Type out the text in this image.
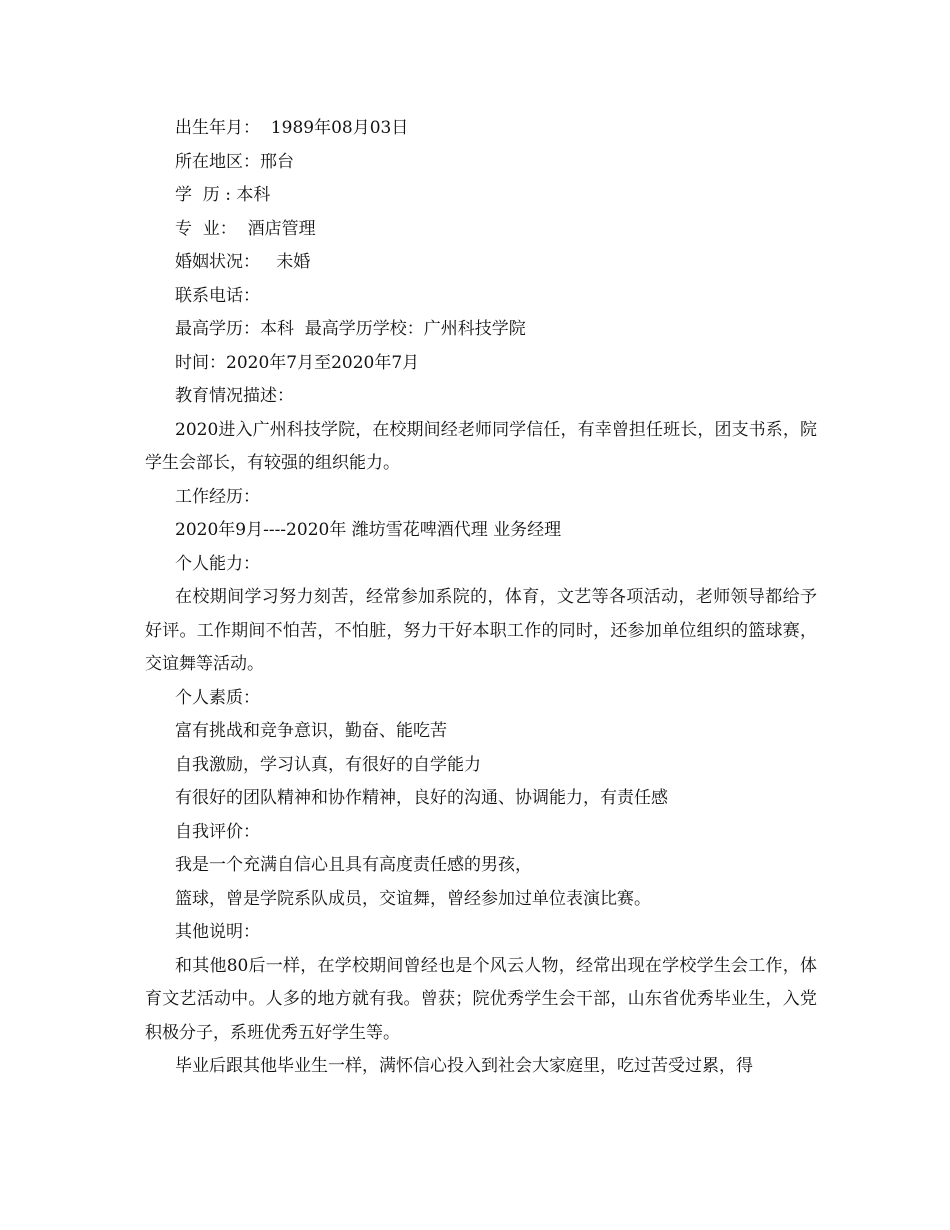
出生年月：  1989年08月03日
所在地区：邢台
学  历 : 本科
专  业：  酒店管理
婚姻状况：   未婚
联系电话：
最高学历：本科  最高学历学校：广州科技学院
时间：2020年7月至2020年7月
教育情况描述：

2020进入广州科技学院，在校期间经老师同学信任，有幸曾担任班长，团支书系，院学生会部长，有较强的组织能力。

工作经历：
2020年9月----2020年 潍坊雪花啤酒代理 业务经理
个人能力：

在校期间学习努力刻苦，经常参加系院的，体育，文艺等各项活动，老师领导都给予好评。工作期间不怕苦，不怕脏，努力干好本职工作的同时，还参加单位组织的篮球赛，交谊舞等活动。

个人素质：
富有挑战和竞争意识，勤奋、能吃苦
自我激励，学习认真，有很好的自学能力
有很好的团队精神和协作精神，良好的沟通、协调能力，有责任感
自我评价：
我是一个充满自信心且具有高度责任感的男孩，
篮球，曾是学院系队成员，交谊舞，曾经参加过单位表演比赛。
其他说明：

和其他80后一样，在学校期间曾经也是个风云人物，经常出现在学校学生会工作，体育文艺活动中。人多的地方就有我。曾获；院优秀学生会干部，山东省优秀毕业生，入党积极分子，系班优秀五好学生等。

毕业后跟其他毕业生一样，满怀信心投入到社会大家庭里，吃过苦受过累，得
